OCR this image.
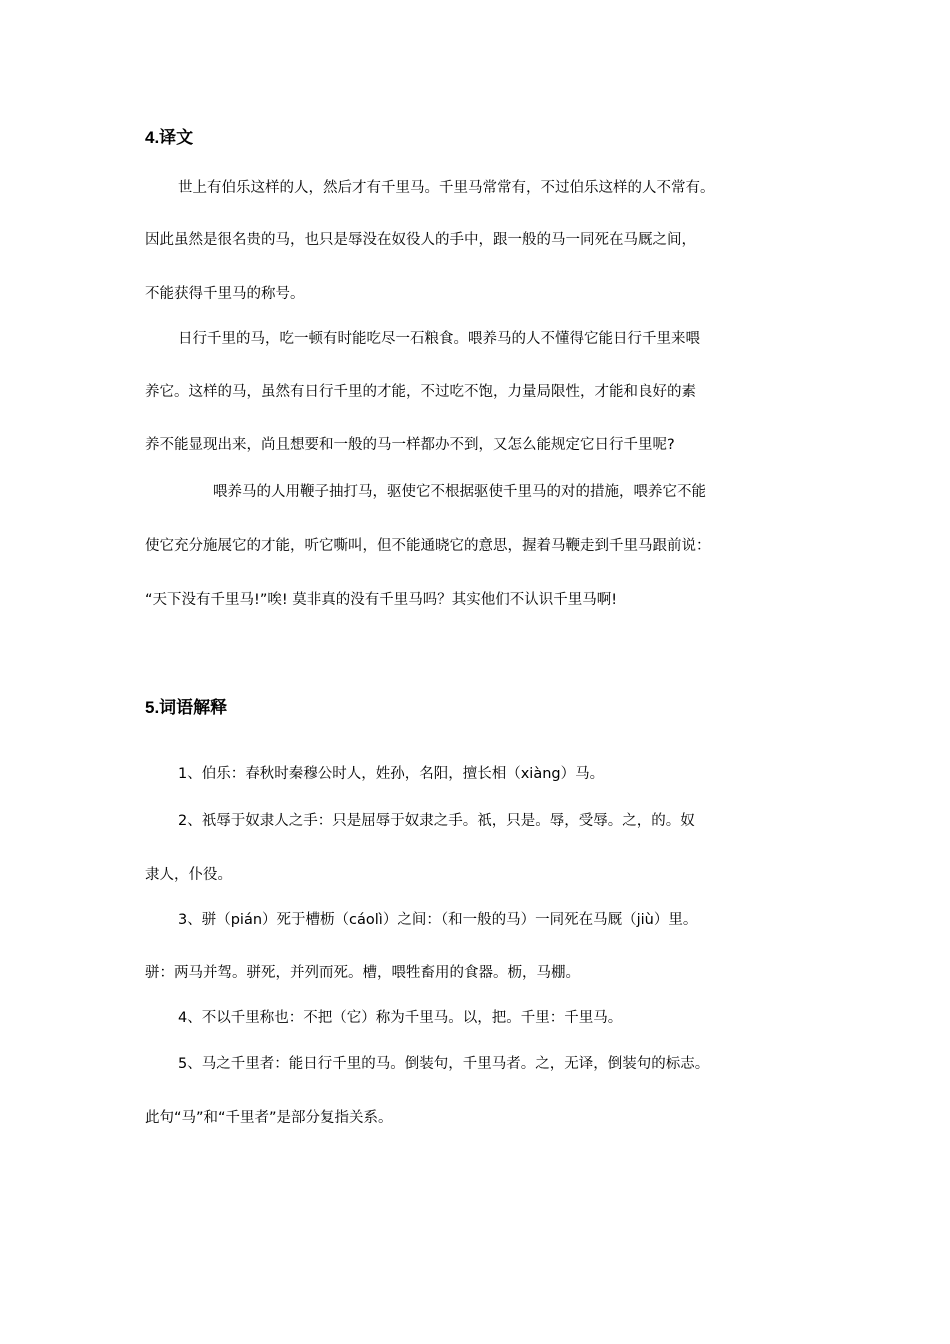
4.译文
世上有伯乐这样的人，然后才有千里马。千里马常常有，不过伯乐这样的人不常有。
因此虽然是很名贵的马，也只是辱没在奴役人的手中，跟一般的马一同死在马厩之间，
不能获得千里马的称号。
日行千里的马，吃一顿有时能吃尽一石粮食。喂养马的人不懂得它能日行千里来喂
养它。这样的马，虽然有日行千里的才能，不过吃不饱，力量局限性，才能和良好的素
养不能显现出来，尚且想要和一般的马一样都办不到，又怎么能规定它日行千里呢?
喂养马的人用鞭子抽打马，驱使它不根据驱使千里马的对的措施，喂养它不能
使它充分施展它的才能，听它嘶叫，但不能通晓它的意思，握着马鞭走到千里马跟前说：
“天下没有千里马!”唉! 莫非真的没有千里马吗？其实他们不认识千里马啊!
5.词语解释
1、伯乐：春秋时秦穆公时人，姓孙，名阳，擅长相（xiàng）马。
2、祇辱于奴隶人之手：只是屈辱于奴隶之手。祇，只是。辱，受辱。之，的。奴
隶人，仆役。
3、骈（pián）死于槽枥（cáolì）之间：（和一般的马）一同死在马厩（jiù）里。
骈：两马并驾。骈死，并列而死。槽，喂牲畜用的食器。枥，马棚。
4、不以千里称也：不把（它）称为千里马。以，把。千里：千里马。
5、马之千里者：能日行千里的马。倒装句，千里马者。之，无译，倒装句的标志。
此句“马”和“千里者”是部分复指关系。
